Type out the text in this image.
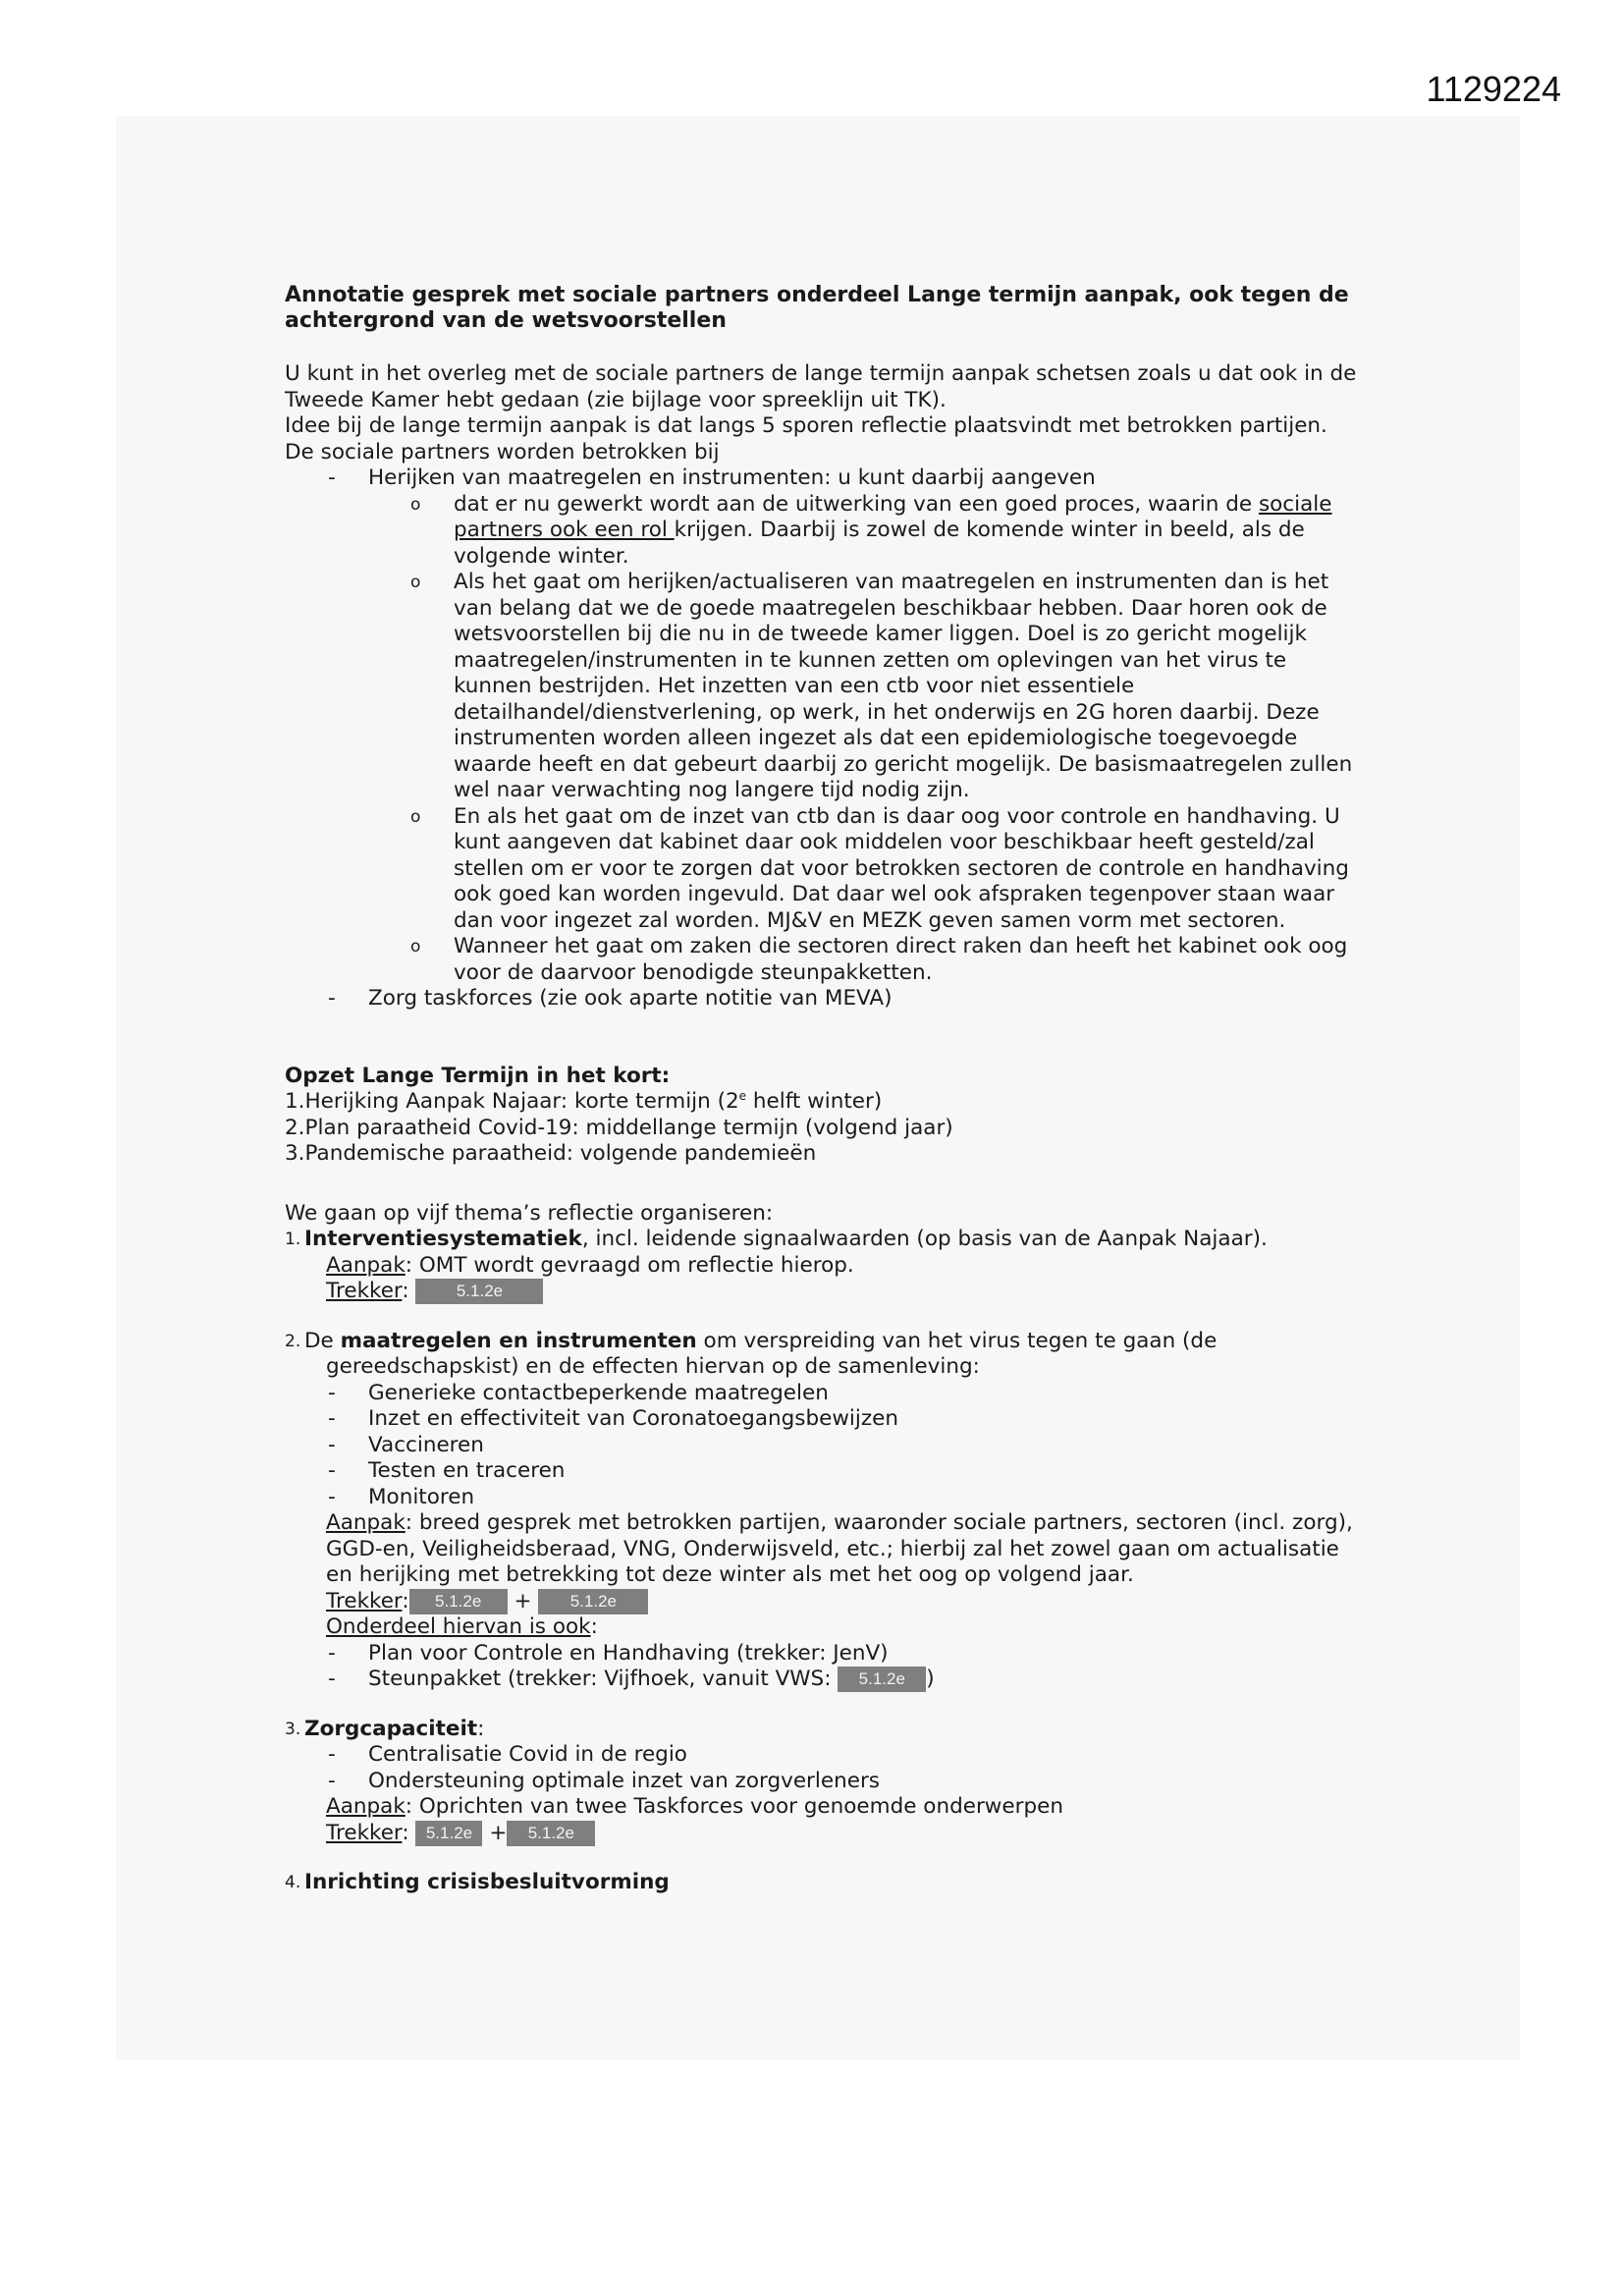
1129224

Annotatie gesprek met sociale partners onderdeel Lange termijn aanpak, ook tegen de achtergrond van de wetsvoorstellen

U kunt in het overleg met de sociale partners de lange termijn aanpak schetsen zoals u dat ook in de Tweede Kamer hebt gedaan (zie bijlage voor spreeklijn uit TK).

Idee bij de lange termijn aanpak is dat langs 5 sporen reflectie plaatsvindt met betrokken partijen.

De sociale partners worden betrokken bij

- Herijken van maatregelen en instrumenten: u kunt daarbij aangeven

o dat er nu gewerkt wordt aan de uitwerking van een goed proces, waarin de sociale partners ook een rol krijgen. Daarbij is zowel de komende winter in beeld, als de volgende winter.

o Als het gaat om herijken/actualiseren van maatregelen en instrumenten dan is het van belang dat we de goede maatregelen beschikbaar hebben. Daar horen ook de wetsvoorstellen bij die nu in de tweede kamer liggen. Doel is zo gericht mogelijk maatregelen/instrumenten in te kunnen zetten om oplevingen van het virus te kunnen bestrijden. Het inzetten van een ctb voor niet essentiele detailhandel/dienstverlening, op werk, in het onderwijs en 2G horen daarbij. Deze instrumenten worden alleen ingezet als dat een epidemiologische toegevoegde waarde heeft en dat gebeurt daarbij zo gericht mogelijk. De basismaatregelen zullen wel naar verwachting nog langere tijd nodig zijn.

o En als het gaat om de inzet van ctb dan is daar oog voor controle en handhaving. U kunt aangeven dat kabinet daar ook middelen voor beschikbaar heeft gesteld/zal stellen om er voor te zorgen dat voor betrokken sectoren de controle en handhaving ook goed kan worden ingevuld. Dat daar wel ook afspraken tegenpover staan waar dan voor ingezet zal worden. MJ&V en MEZK geven samen vorm met sectoren.

o Wanneer het gaat om zaken die sectoren direct raken dan heeft het kabinet ook oog voor de daarvoor benodigde steunpakketten.

- Zorg taskforces (zie ook aparte notitie van MEVA)

Opzet Lange Termijn in het kort:

1.Herijking Aanpak Najaar: korte termijn (2e helft winter)

2.Plan paraatheid Covid-19: middellange termijn (volgend jaar)

3.Pandemische paraatheid: volgende pandemieën

We gaan op vijf thema’s reflectie organiseren:

1. Interventiesystematiek, incl. leidende signaalwaarden (op basis van de Aanpak Najaar).

Aanpak: OMT wordt gevraagd om reflectie hierop.

Trekker: 5.1.2e

2. De maatregelen en instrumenten om verspreiding van het virus tegen te gaan (de

gereedschapskist) en de effecten hiervan op de samenleving:

- Generieke contactbeperkende maatregelen

- Inzet en effectiviteit van Coronatoegangsbewijzen

- Vaccineren

- Testen en traceren

- Monitoren

Aanpak: breed gesprek met betrokken partijen, waaronder sociale partners, sectoren (incl. zorg), GGD-en, Veiligheidsberaad, VNG, Onderwijsveld, etc.; hierbij zal het zowel gaan om actualisatie en herijking met betrekking tot deze winter als met het oog op volgend jaar.

Trekker: 5.1.2e + 5.1.2e

Onderdeel hiervan is ook:

- Plan voor Controle en Handhaving (trekker: JenV)

- Steunpakket (trekker: Vijfhoek, vanuit VWS: 5.1.2e )

3. Zorgcapaciteit:

- Centralisatie Covid in de regio

- Ondersteuning optimale inzet van zorgverleners

Aanpak: Oprichten van twee Taskforces voor genoemde onderwerpen

Trekker: 5.1.2e + 5.1.2e

4. Inrichting crisisbesluitvorming
